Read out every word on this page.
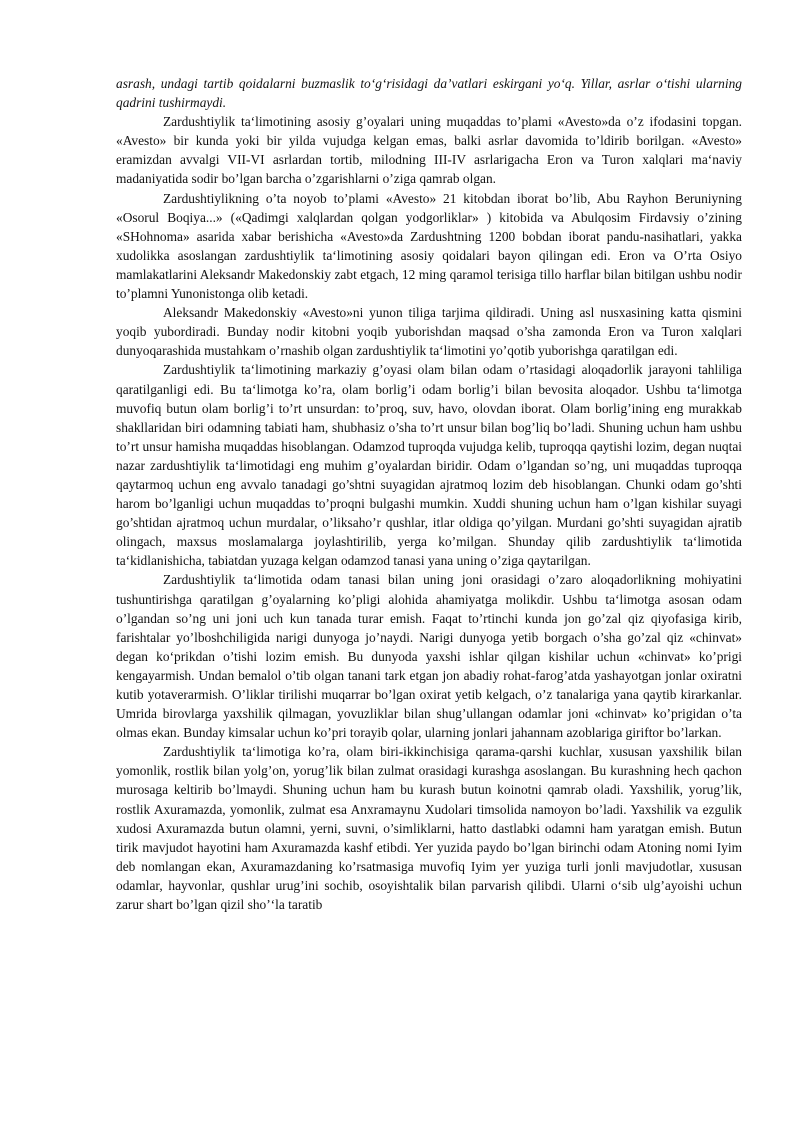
asrash, undagi tartib qoidalarni buzmaslik to‘g‘risidagi da’vatlari eskirgani yo‘q. Yillar, asrlar o‘tishi ularning qadrini tushirmaydi.

Zardushtiylik ta‘limotining asosiy g’oyalari uning muqaddas to’plami «Avesto»da o’z ifodasini topgan. «Avesto» bir kunda yoki bir yilda vujudga kelgan emas, balki asrlar davomida to’ldirib borilgan. «Avesto» eramizdan avvalgi VII-VI asrlardan tortib, milodning III-IV asrlarigacha Eron va Turon xalqlari ma‘naviy madaniyatida sodir bo’lgan barcha o’zgarishlarni o’ziga qamrab olgan.

Zardushtiylikning o’ta noyob to’plami «Avesto» 21 kitobdan iborat bo’lib, Abu Rayhon Beruniyning «Osorul Boqiya...» («Qadimgi xalqlardan qolgan yodgorliklar» ) kitobida va Abulqosim Firdavsiy o’zining «SHohnoma» asarida xabar berishicha «Avesto»da Zardushtning 1200 bobdan iborat pandu-nasihatlari, yakka xudolikka asoslangan zardushtiylik ta‘limotining asosiy qoidalari bayon qilingan edi. Eron va O’rta Osiyo mamlakatlarini Aleksandr Makedonskiy zabt etgach, 12 ming qaramol terisiga tillo harflar bilan bitilgan ushbu nodir to’plamni Yunonistonga olib ketadi.

Aleksandr Makedonskiy «Avesto»ni yunon tiliga tarjima qildiradi. Uning asl nusxasining katta qismini yoqib yubordiradi. Bunday nodir kitobni yoqib yuborishdan maqsad o’sha zamonda Eron va Turon xalqlari dunyoqarashida mustahkam o’rnashib olgan zardushtiylik ta‘limotini yo’qotib yuborishga qaratilgan edi.

Zardushtiylik ta‘limotining markaziy g’oyasi olam bilan odam o’rtasidagi aloqadorlik jarayoni tahliliga qaratilganligi edi. Bu ta‘limotga ko’ra, olam borlig’i odam borlig’i bilan bevosita aloqador. Ushbu ta‘limotga muvofiq butun olam borlig’i to’rt unsurdan: to’proq, suv, havo, olovdan iborat. Olam borlig’ining eng murakkab shakllaridan biri odamning tabiati ham, shubhasiz o’sha to’rt unsur bilan bog’liq bo’ladi. Shuning uchun ham ushbu to’rt unsur hamisha muqaddas hisoblangan. Odamzod tuproqda vujudga kelib, tuproqqa qaytishi lozim, degan nuqtai nazar zardushtiylik ta‘limotidagi eng muhim g’oyalardan biridir. Odam o’lgandan so’ng, uni muqaddas tuproqqa qaytarmoq uchun eng avvalo tanadagi go’shtni suyagidan ajratmoq lozim deb hisoblangan. Chunki odam go’shti harom bo’lganligi uchun muqaddas to’proqni bulgashi mumkin. Xuddi shuning uchun ham o’lgan kishilar suyagi go’shtidan ajratmoq uchun murdalar, o’liksaho’r qushlar, itlar oldiga qo’yilgan. Murdani go’shti suyagidan ajratib olingach, maxsus moslamalarga joylashtirilib, yerga ko’milgan. Shunday qilib zardushtiylik ta‘limotida ta‘kidlanishicha, tabiatdan yuzaga kelgan odamzod tanasi yana uning o’ziga qaytarilgan.

Zardushtiylik ta‘limotida odam tanasi bilan uning joni orasidagi o’zaro aloqadorlikning mohiyatini tushuntirishga qaratilgan g’oyalarning ko’pligi alohida ahamiyatga molikdir. Ushbu ta‘limotga asosan odam o’lgandan so’ng uni joni uch kun tanada turar emish. Faqat to’rtinchi kunda jon go’zal qiz qiyofasiga kirib, farishtalar yo’lboshchiligida narigi dunyoga jo’naydi. Narigi dunyoga yetib borgach o’sha go’zal qiz «chinvat» degan ko‘prikdan o’tishi lozim emish. Bu dunyoda yaxshi ishlar qilgan kishilar uchun «chinvat» ko’prigi kengayarmish. Undan bemalol o’tib olgan tanani tark etgan jon abadiy rohat-farog’atda yashayotgan jonlar oxiratni kutib yotaverarmish. O’liklar tirilishi muqarrar bo’lgan oxirat yetib kelgach, o’z tanalariga yana qaytib kirarkanlar. Umrida birovlarga yaxshilik qilmagan, yovuzliklar bilan shug’ullangan odamlar joni «chinvat» ko’prigidan o’ta olmas ekan. Bunday kimsalar uchun ko’pri torayib qolar, ularning jonlari jahannam azoblariga giriftor bo’larkan.

Zardushtiylik ta‘limotiga ko’ra, olam biri-ikkinchisiga qarama-qarshi kuchlar, xususan yaxshilik bilan yomonlik, rostlik bilan yolg’on, yorug’lik bilan zulmat orasidagi kurashga asoslangan. Bu kurashning hech qachon murosaga keltirib bo’lmaydi. Shuning uchun ham bu kurash butun koinotni qamrab oladi. Yaxshilik, yorug’lik, rostlik Axuramazda, yomonlik, zulmat esa Anxramaynu Xudolari timsolida namoyon bo’ladi. Yaxshilik va ezgulik xudosi Axuramazda butun olamni, yerni, suvni, o’simliklarni, hatto dastlabki odamni ham yaratgan emish. Butun tirik mavjudot hayotini ham Axuramazda kashf etibdi. Yer yuzida paydo bo’lgan birinchi odam Atoning nomi Iyim deb nomlangan ekan, Axuramazdaning ko’rsatmasiga muvofiq Iyim yer yuziga turli jonli mavjudotlar, xususan odamlar, hayvonlar, qushlar urug’ini sochib, osoyishtalik bilan parvarish qilibdi. Ularni o‘sib ulg’ayoishi uchun zarur shart bo’lgan qizil sho’‘la taratib
